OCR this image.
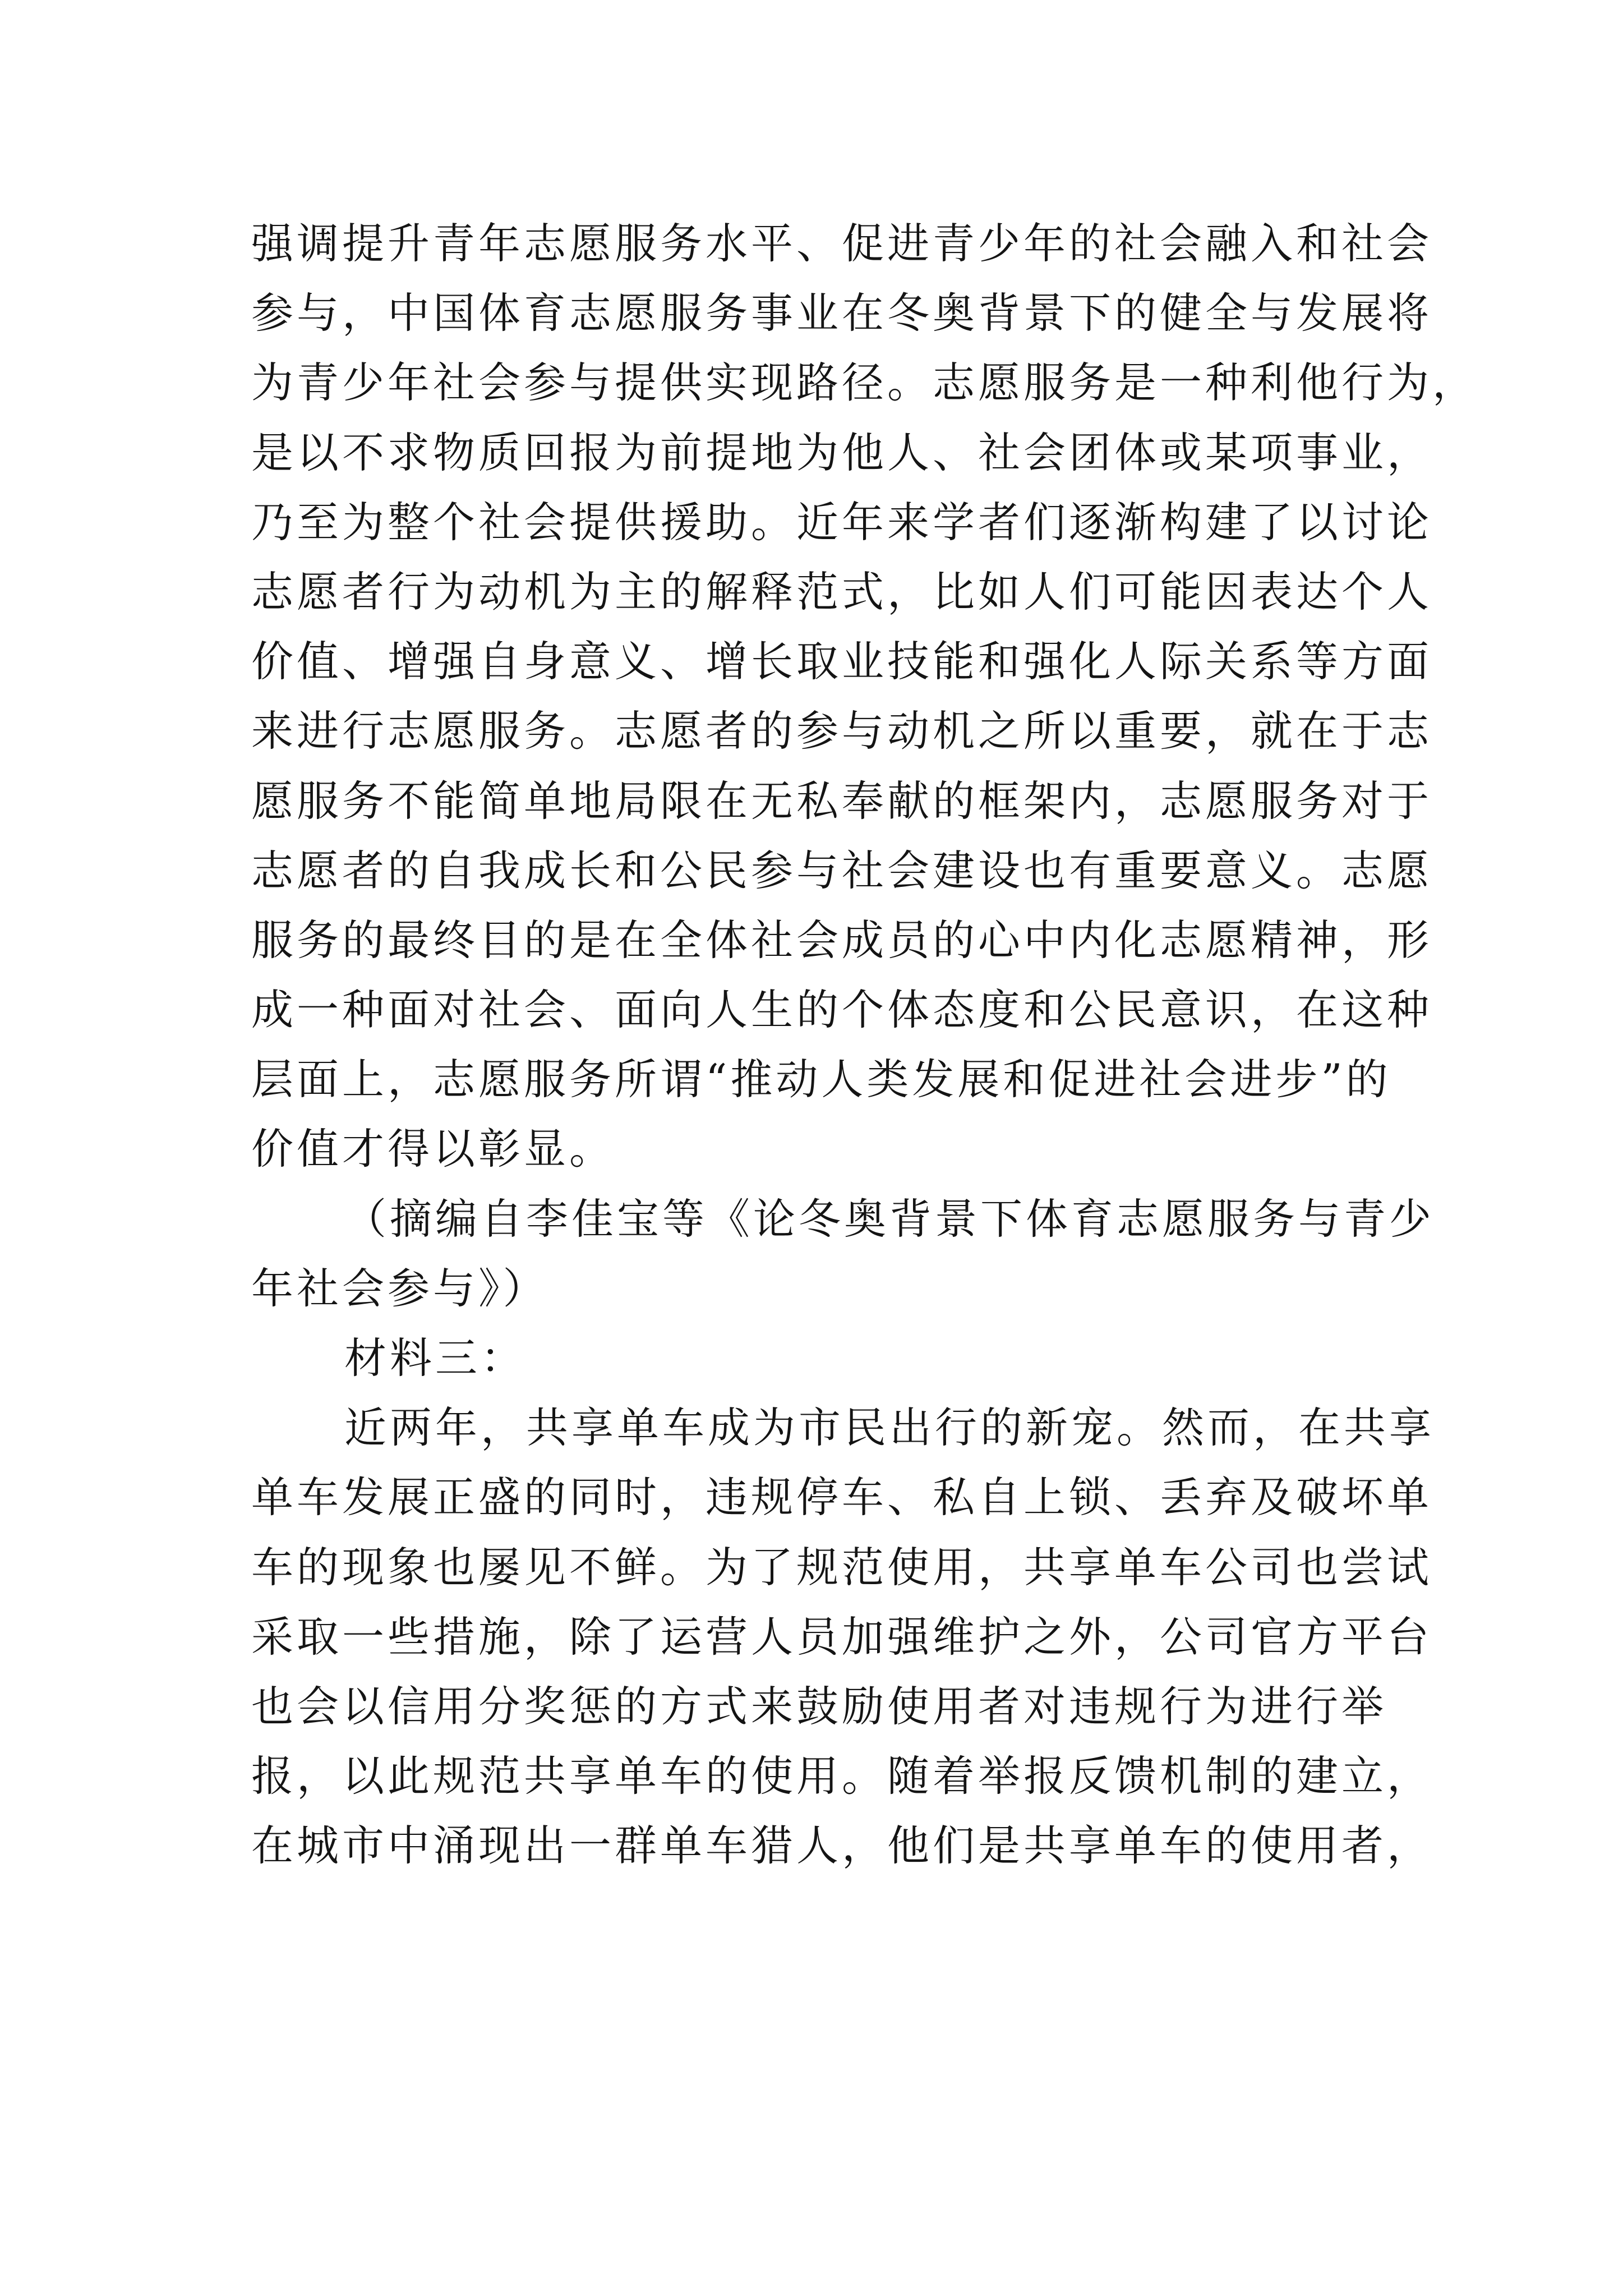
强调提升青年志愿服务水平、促进青少年的社会融入和社会
参与，中国体育志愿服务事业在冬奥背景下的健全与发展将
为青少年社会参与提供实现路径。志愿服务是一种利他行为，
是以不求物质回报为前提地为他人、社会团体或某项事业，
乃至为整个社会提供援助。近年来学者们逐渐构建了以讨论
志愿者行为动机为主的解释范式，比如人们可能因表达个人
价值、增强自身意义、增长取业技能和强化人际关系等方面
来进行志愿服务。志愿者的参与动机之所以重要，就在于志
愿服务不能简单地局限在无私奉献的框架内，志愿服务对于
志愿者的自我成长和公民参与社会建设也有重要意义。志愿
服务的最终目的是在全体社会成员的心中内化志愿精神，形
成一种面对社会、面向人生的个体态度和公民意识，在这种
层面上，志愿服务所谓“推动人类发展和促进社会进步”的
价值才得以彰显。
（摘编自李佳宝等《论冬奥背景下体育志愿服务与青少
年社会参与》）
材料三：
近两年，共享单车成为市民出行的新宠。然而，在共享
单车发展正盛的同时，违规停车、私自上锁、丢弃及破坏单
车的现象也屡见不鲜。为了规范使用，共享单车公司也尝试
采取一些措施，除了运营人员加强维护之外，公司官方平台
也会以信用分奖惩的方式来鼓励使用者对违规行为进行举
报，以此规范共享单车的使用。随着举报反馈机制的建立，
在城市中涌现出一群单车猎人，他们是共享单车的使用者，
